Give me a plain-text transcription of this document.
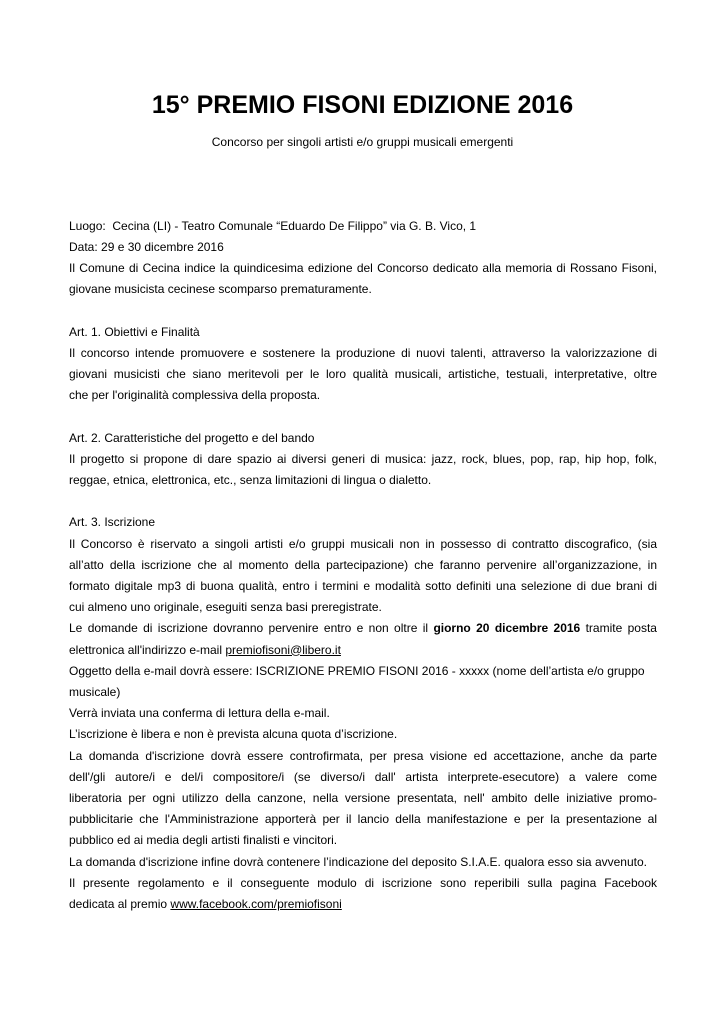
15° PREMIO FISONI EDIZIONE 2016
Concorso per singoli artisti e/o gruppi musicali emergenti
Luogo:  Cecina (LI) - Teatro Comunale “Eduardo De Filippo” via G. B. Vico, 1
Data: 29 e 30 dicembre 2016
Il Comune di Cecina indice la quindicesima edizione del Concorso dedicato alla memoria di Rossano Fisoni,
giovane musicista cecinese scomparso prematuramente.
Art. 1. Obiettivi e Finalità
Il concorso intende promuovere e sostenere la produzione di nuovi talenti, attraverso la valorizzazione di
giovani musicisti che siano meritevoli per le loro qualità musicali, artistiche, testuali, interpretative, oltre
che per l'originalità complessiva della proposta.
Art. 2. Caratteristiche del progetto e del bando
Il progetto si propone di dare spazio ai diversi generi di musica: jazz, rock, blues, pop, rap, hip hop, folk,
reggae, etnica, elettronica, etc., senza limitazioni di lingua o dialetto.
Art. 3. Iscrizione
Il Concorso è riservato a singoli artisti e/o gruppi musicali non in possesso di contratto discografico, (sia
all’atto della iscrizione che al momento della partecipazione) che faranno pervenire all’organizzazione, in
formato digitale mp3 di buona qualità, entro i termini e modalità sotto definiti una selezione di due brani di
cui almeno uno originale, eseguiti senza basi preregistrate.
Le domande di iscrizione dovranno pervenire entro e non oltre il giorno 20 dicembre 2016 tramite posta
elettronica all'indirizzo e-mail premiofisoni@libero.it
Oggetto della e-mail dovrà essere: ISCRIZIONE PREMIO FISONI 2016 - xxxxx (nome dell’artista e/o gruppo
musicale)
Verrà inviata una conferma di lettura della e-mail.
L’iscrizione è libera e non è prevista alcuna quota d’iscrizione.
La domanda d'iscrizione dovrà essere controfirmata, per presa visione ed accettazione, anche da parte
dell'/gli autore/i e del/i compositore/i (se diverso/i dall' artista interprete-esecutore) a valere come
liberatoria per ogni utilizzo della canzone, nella versione presentata, nell' ambito delle iniziative promo-
pubblicitarie che l'Amministrazione apporterà per il lancio della manifestazione e per la presentazione al
pubblico ed ai media degli artisti finalisti e vincitori.
La domanda d'iscrizione infine dovrà contenere l’indicazione del deposito S.I.A.E. qualora esso sia avvenuto.
Il presente regolamento e il conseguente modulo di iscrizione sono reperibili sulla pagina Facebook
dedicata al premio www.facebook.com/premiofisoni
